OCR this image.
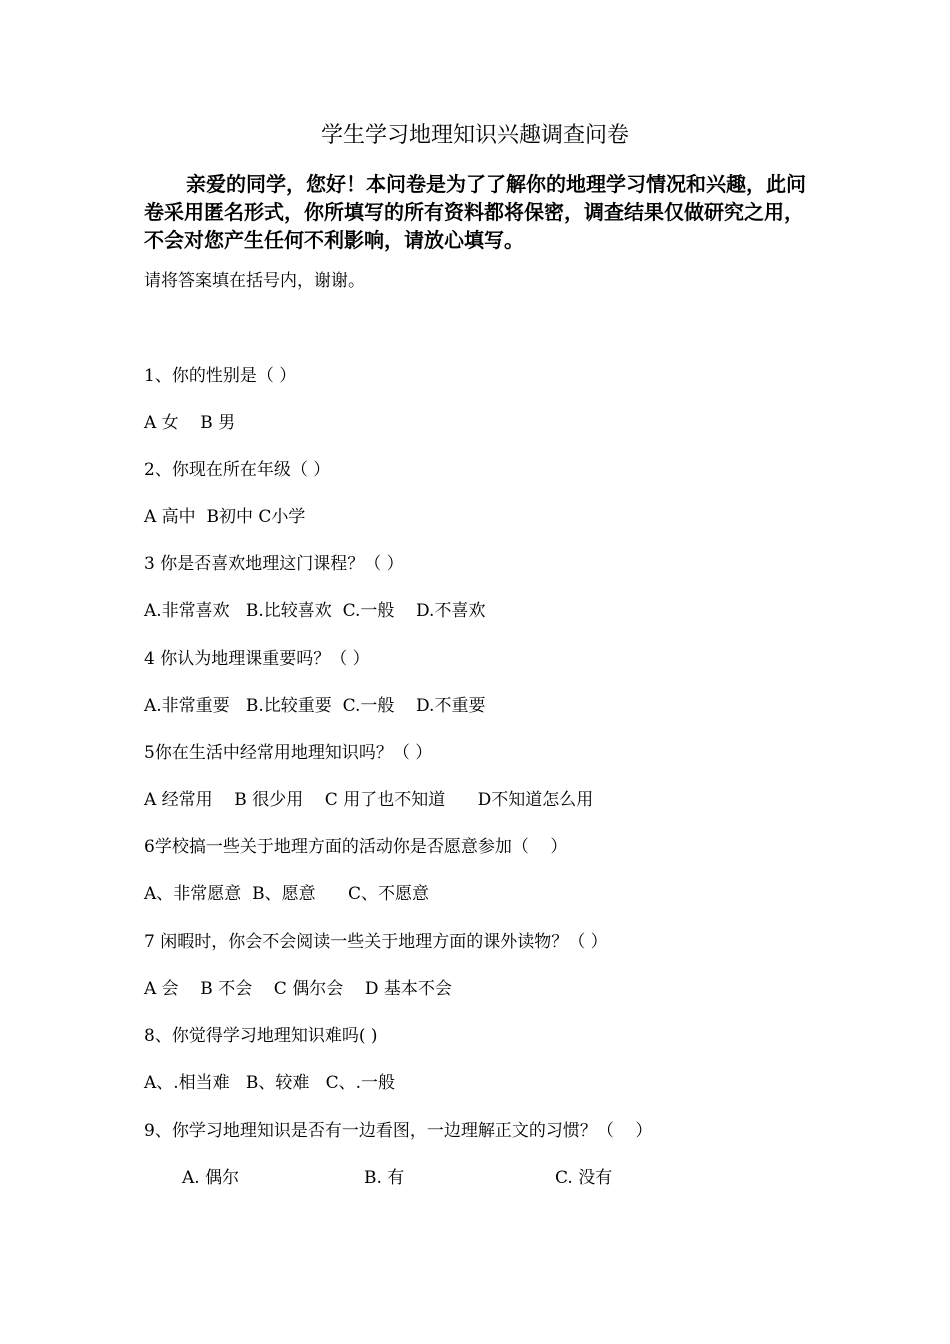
学生学习地理知识兴趣调查问卷

亲爱的同学，您好！本问卷是为了了解你的地理学习情况和兴趣，此问卷采用匿名形式，你所填写的所有资料都将保密，调查结果仅做研究之用，不会对您产生任何不利影响，请放心填写。

请将答案填在括号内，谢谢。

1、你的性别是（ ）

A 女    B 男

2、你现在所在年级（ ）

A 高中  B初中 C小学

3 你是否喜欢地理这门课程？（ ）

A.非常喜欢   B.比较喜欢  C.一般    D.不喜欢

4 你认为地理课重要吗？（ ）

A.非常重要   B.比较重要  C.一般    D.不重要

5你在生活中经常用地理知识吗？（ ）

A 经常用    B 很少用    C 用了也不知道      D不知道怎么用

6学校搞一些关于地理方面的活动你是否愿意参加（    ）

A、非常愿意  B、愿意      C、不愿意

7 闲暇时，你会不会阅读一些关于地理方面的课外读物？（ ）

A 会    B 不会    C 偶尔会    D 基本不会

8、你觉得学习地理知识难吗( )

A、.相当难   B、较难   C、.一般

9、你学习地理知识是否有一边看图，一边理解正文的习惯？（    ）

A. 偶尔	B. 有	C. 没有
